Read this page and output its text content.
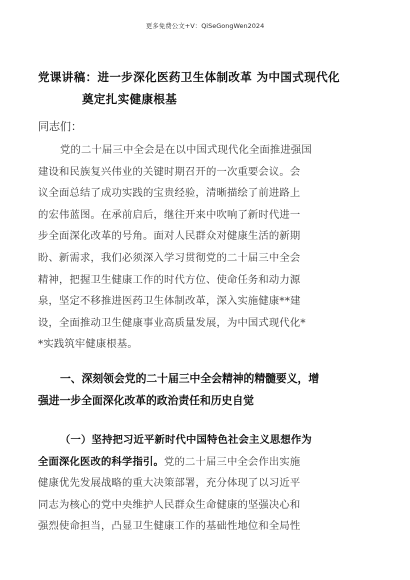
更多免费公文+V：QiSeGongWen2024
党课讲稿：进一步深化医药卫生体制改革 为中国式现代化
奠定扎实健康根基
同志们：
党的二十届三中全会是在以中国式现代化全面推进强国
建设和民族复兴伟业的关键时期召开的一次重要会议。会
议全面总结了成功实践的宝贵经验，清晰描绘了前进路上
的宏伟蓝图。在承前启后，继往开来中吹响了新时代进一
步全面深化改革的号角。面对人民群众对健康生活的新期
盼、新需求，我们必须深入学习贯彻党的二十届三中全会
精神，把握卫生健康工作的时代方位、使命任务和动力源
泉，坚定不移推进医药卫生体制改革，深入实施健康**建
设，全面推动卫生健康事业高质量发展，为中国式现代化*
*实践筑牢健康根基。
一、深刻领会党的二十届三中全会精神的精髓要义，增
强进一步全面深化改革的政治责任和历史自觉
（一）坚持把习近平新时代中国特色社会主义思想作为
全面深化医改的科学指引。党的二十届三中全会作出实施
健康优先发展战略的重大决策部署，充分体现了以习近平
同志为核心的党中央维护人民群众生命健康的坚强决心和
强烈使命担当，凸显卫生健康工作的基础性地位和全局性
